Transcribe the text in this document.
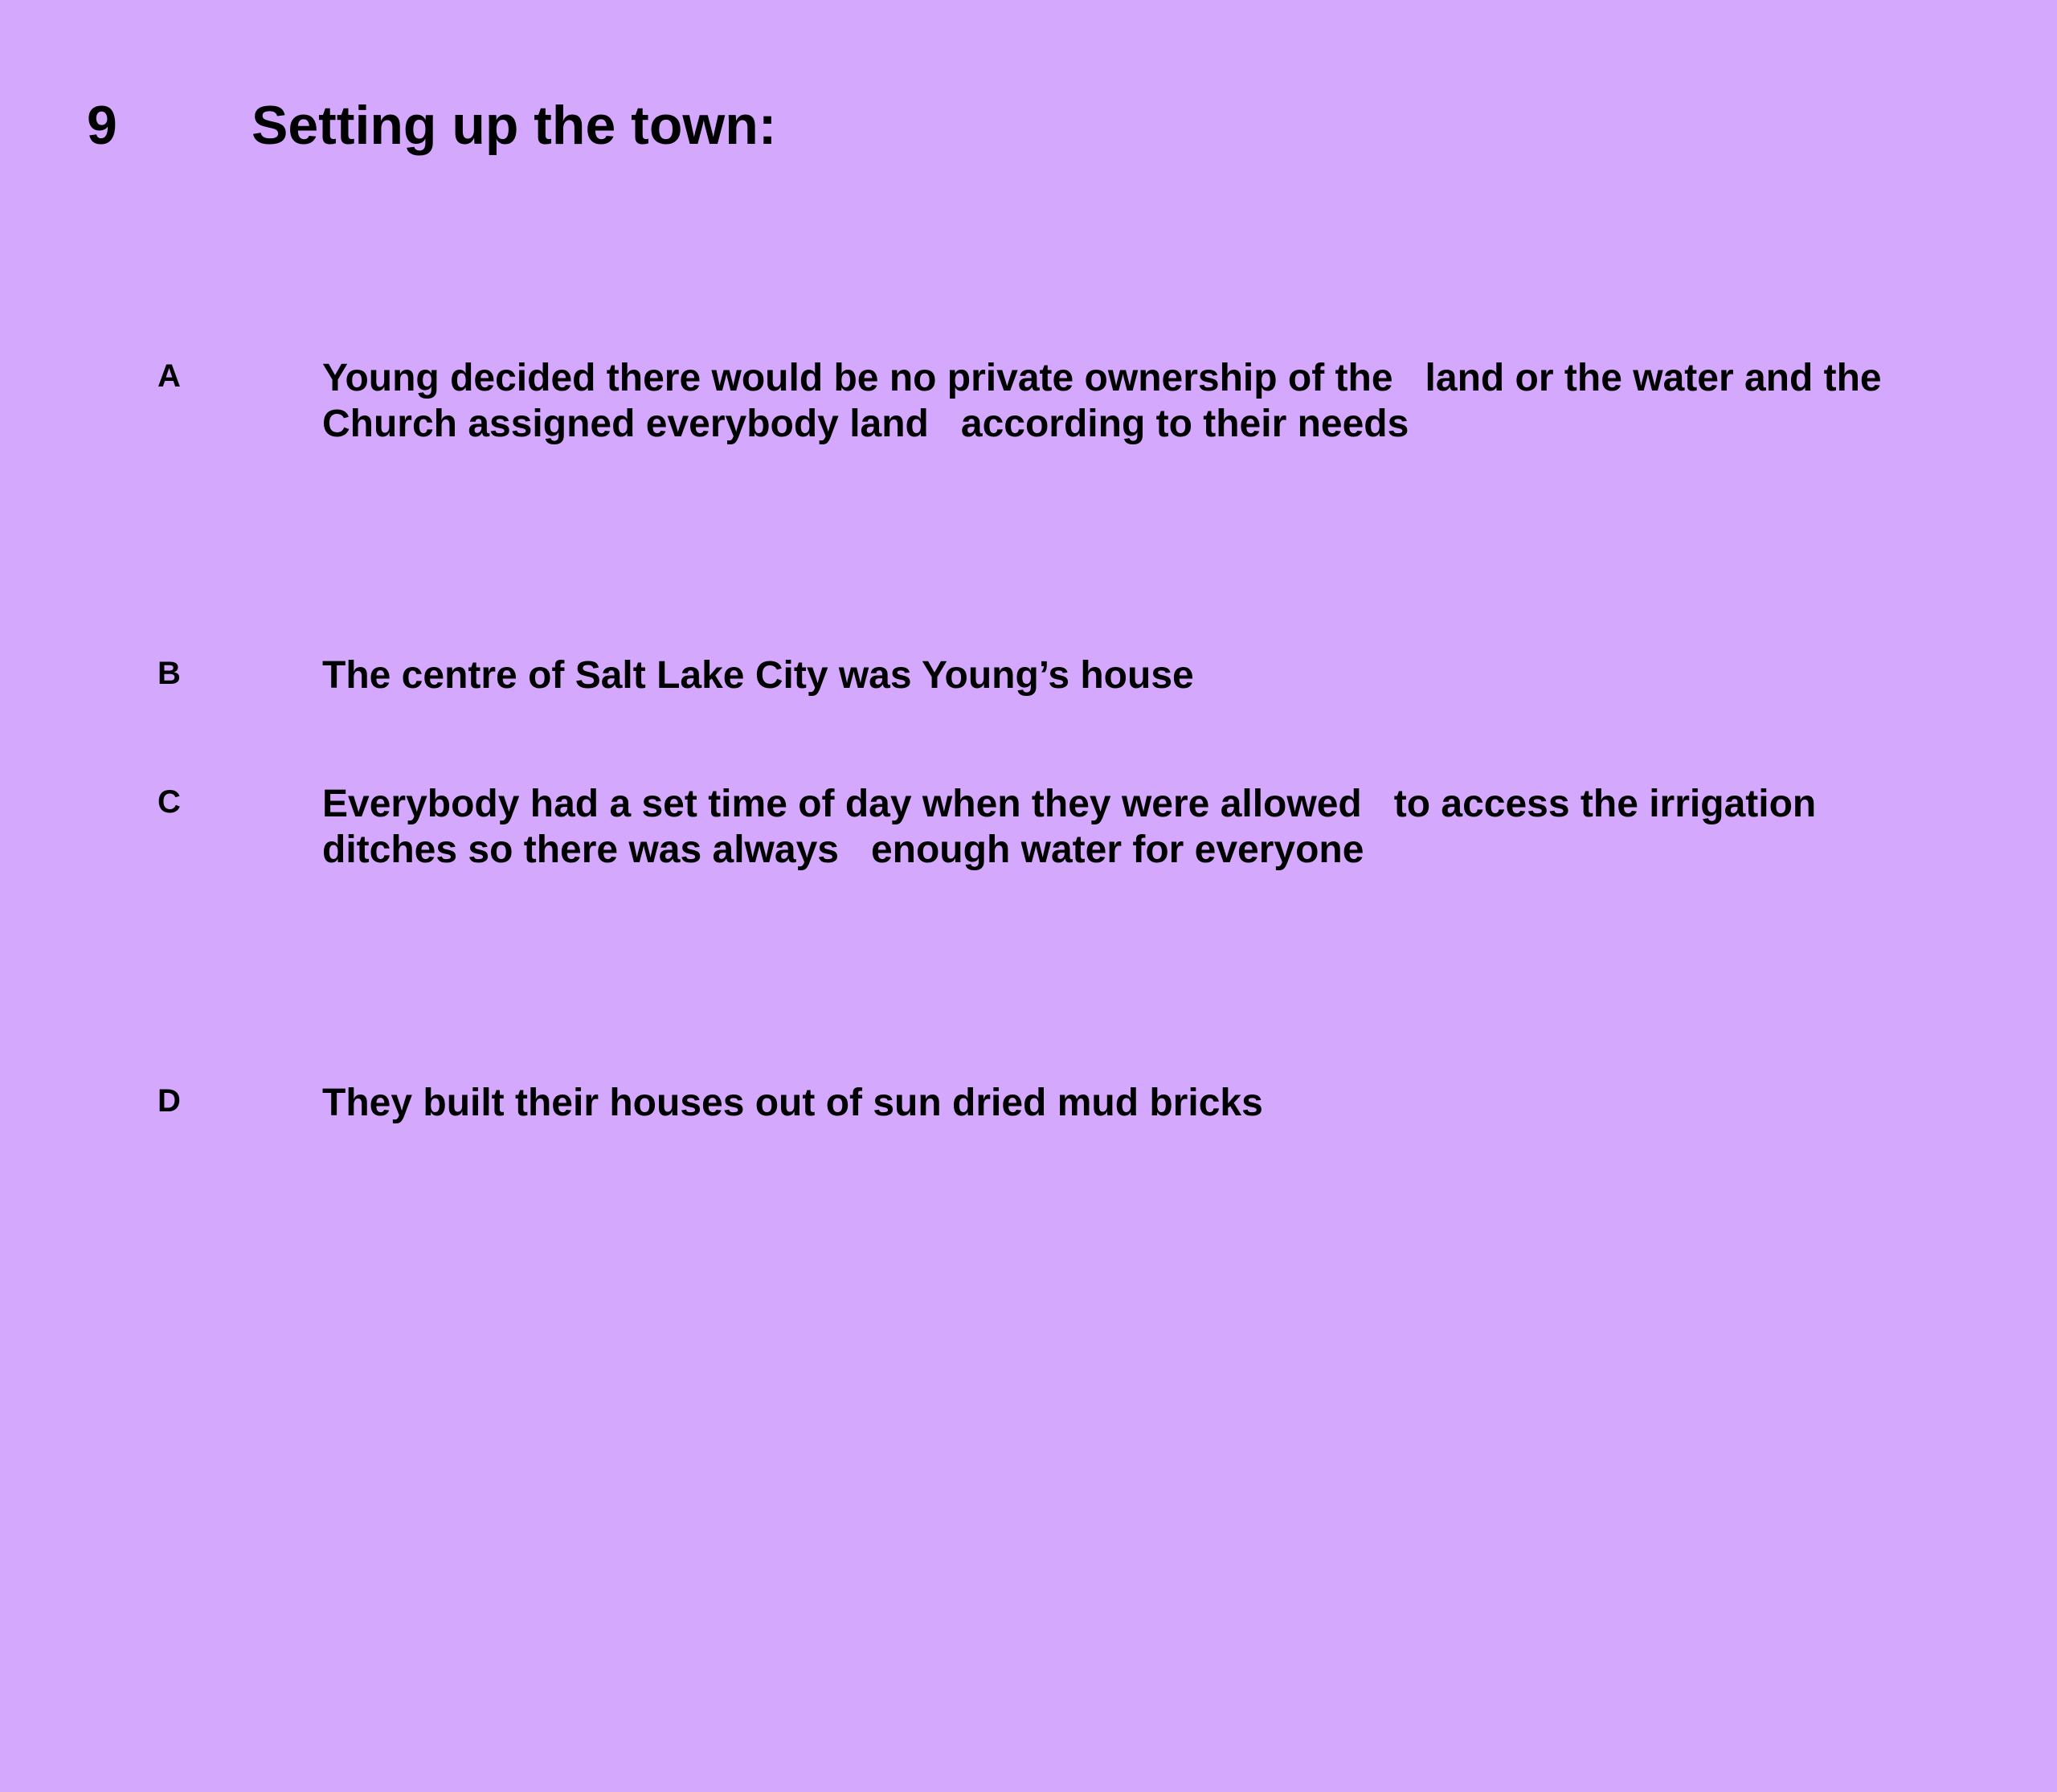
9 Setting up the town:
A	Young decided there would be no private ownership of the   land or the water and the
Church assigned everybody land   according to their needs
B	The centre of Salt Lake City was Young’s house
C	Everybody had a set time of day when they were allowed   to access the irrigation
ditches so there was always   enough water for everyone
D	They built their houses out of sun dried mud bricks
